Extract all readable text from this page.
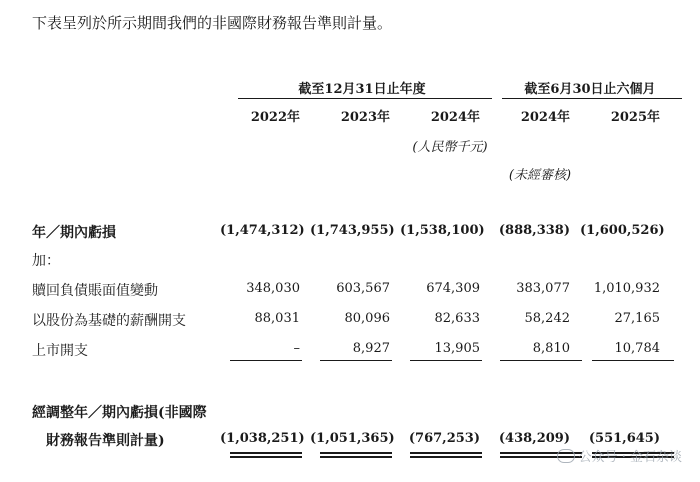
下表呈列於所示期間我們的非國際財務報告準則計量。
截至12月31日止年度	截至6月30日止六個月
2022年	2023年	2024年	2024年	2025年
(人民幣千元)
(未經審核)
年／期內虧損	(1,474,312) (1,743,955) (1,538,100)	(888,338) (1,600,526)
加：
贖回負債賬面值變動	348,030	603,567	674,309	383,077	1,010,932
以股份為基礎的薪酬開支	88,031	80,096	82,633	58,242	27,165
上市開支	–	8,927	13,905	8,810	10,784
經調整年／期內虧損(非國際
財務報告準則計量)	(1,038,251) (1,051,365)	(767,253)	(438,209)	(551,645)
公众号 · 金石杂谈
